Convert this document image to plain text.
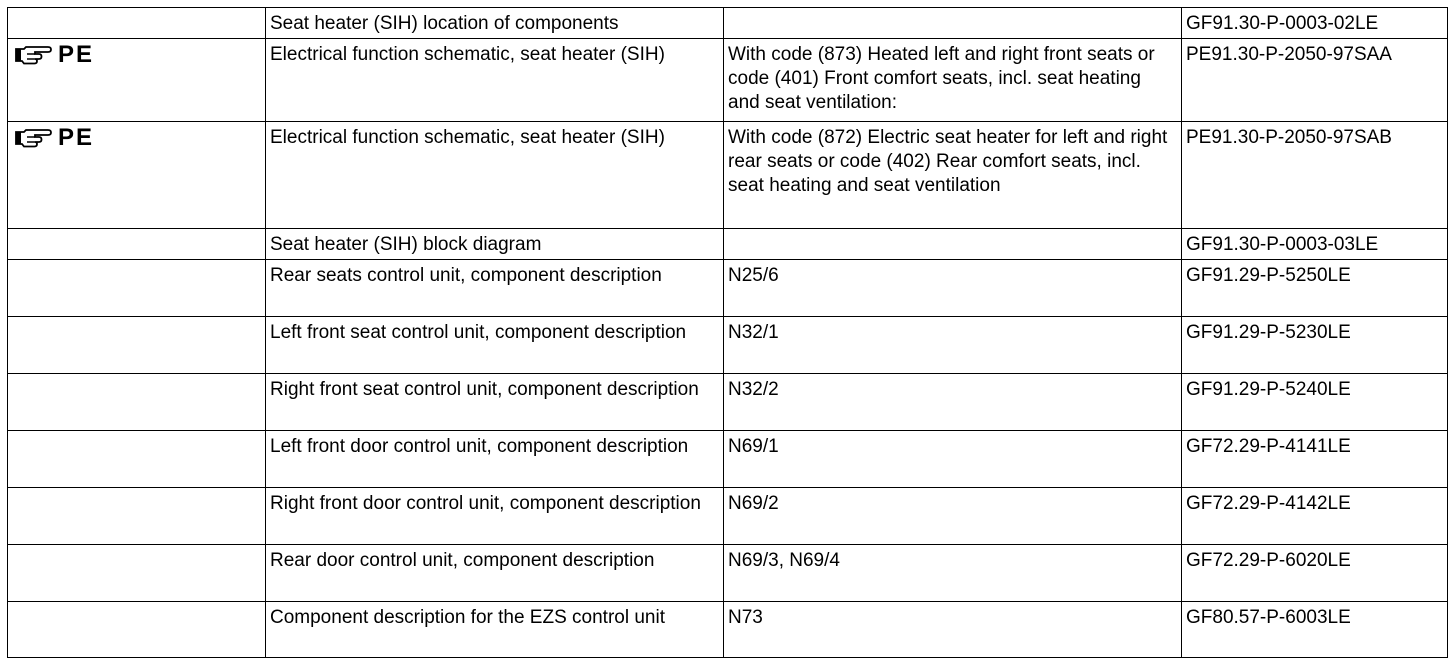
	Seat heater (SIH) location of components		GF91.30-P-0003-02LE

PE	Electrical function schematic, seat heater (SIH)	With code (873) Heated left and right front seats or code (401) Front comfort seats, incl. seat heating and seat ventilation:	PE91.30-P-2050-97SAA

PE	Electrical function schematic, seat heater (SIH)	With code (872) Electric seat heater for left and right rear seats or code (402) Rear comfort seats, incl. seat heating and seat ventilation	PE91.30-P-2050-97SAB
	Seat heater (SIH) block diagram		GF91.30-P-0003-03LE
	Rear seats control unit, component description	N25/6	GF91.29-P-5250LE
	Left front seat control unit, component description	N32/1	GF91.29-P-5230LE
	Right front seat control unit, component description	N32/2	GF91.29-P-5240LE
	Left front door control unit, component description	N69/1	GF72.29-P-4141LE
	Right front door control unit, component description	N69/2	GF72.29-P-4142LE
	Rear door control unit, component description	N69/3, N69/4	GF72.29-P-6020LE
	Component description for the EZS control unit	N73	GF80.57-P-6003LE
